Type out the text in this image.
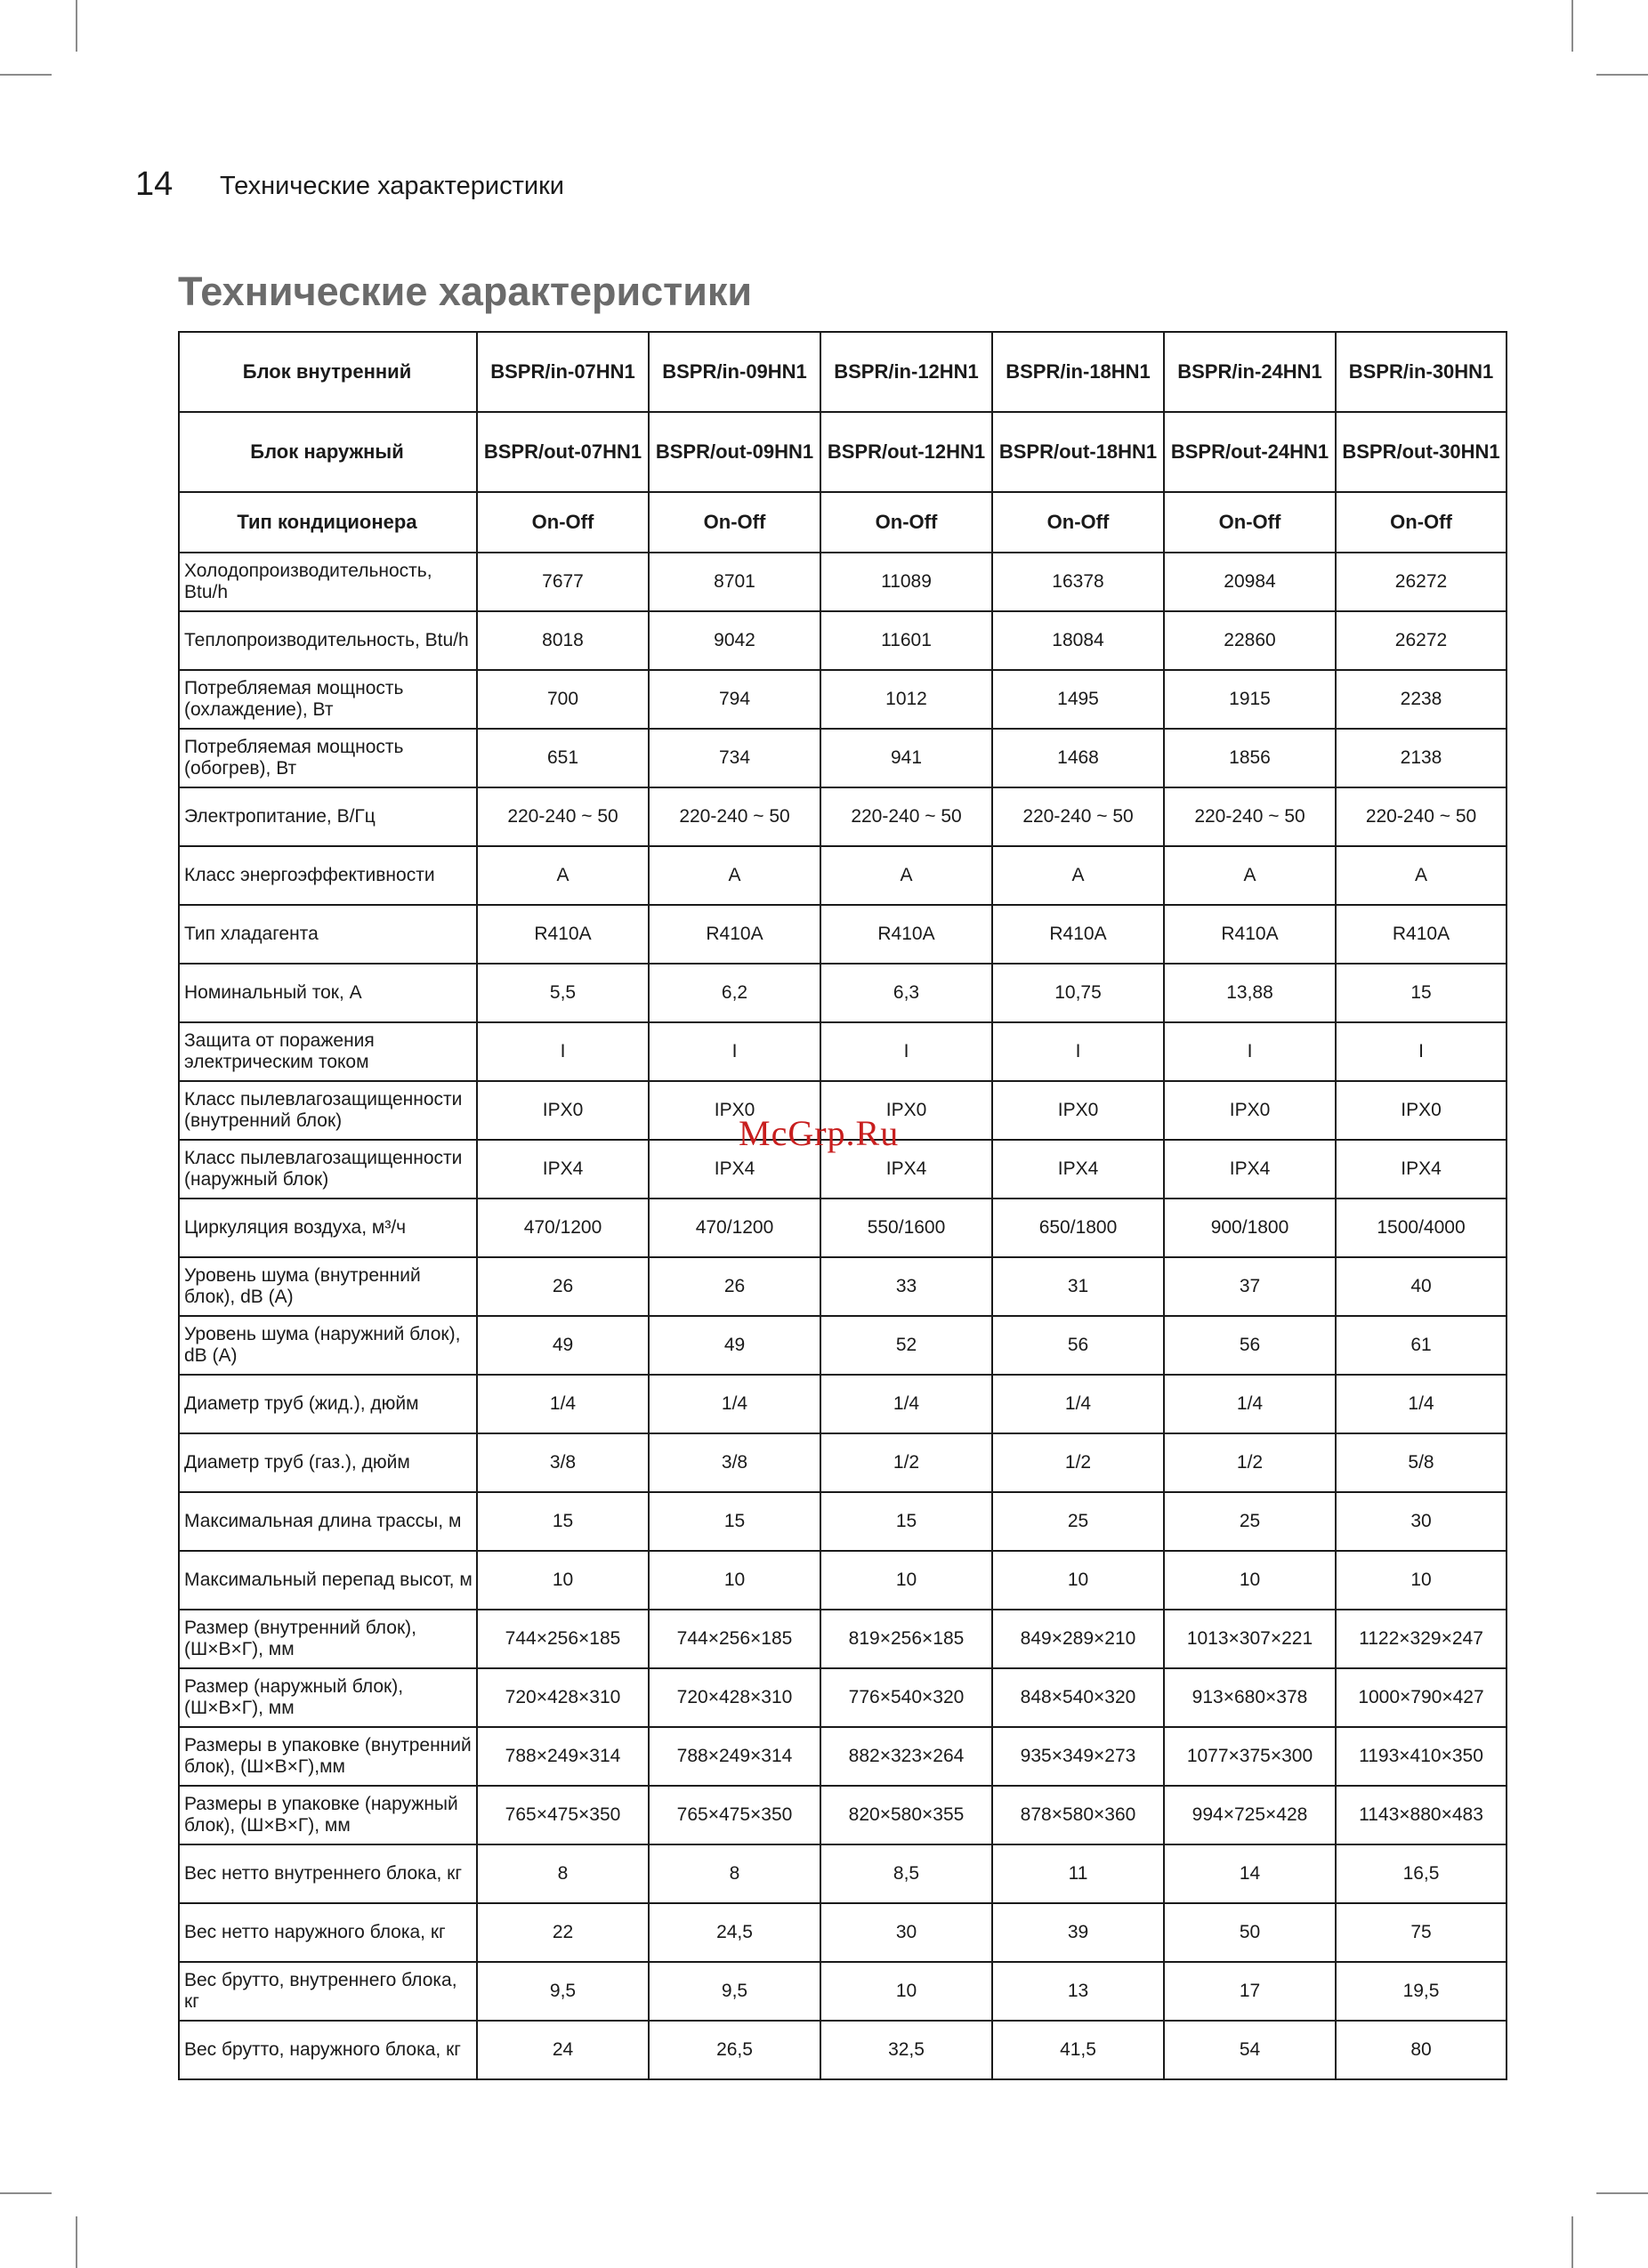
14 Технические характеристики
Технические характеристики
Блок внутренний	BSPR/in-07HN1	BSPR/in-09HN1	BSPR/in-12HN1	BSPR/in-18HN1	BSPR/in-24HN1	BSPR/in-30HN1
Блок наружный	BSPR/out-07HN1	BSPR/out-09HN1	BSPR/out-12HN1	BSPR/out-18HN1	BSPR/out-24HN1	BSPR/out-30HN1
Тип кондиционера	On-Off	On-Off	On-Off	On-Off	On-Off	On-Off
Холодопроизводительность, Btu/h	7677	8701	11089	16378	20984	26272
Теплопроизводительность, Btu/h	8018	9042	11601	18084	22860	26272
Потребляемая мощность (охлаждение), Вт	700	794	1012	1495	1915	2238
Потребляемая мощность (обогрев), Вт	651	734	941	1468	1856	2138
Электропитание, В/Гц	220-240 ~ 50	220-240 ~ 50	220-240 ~ 50	220-240 ~ 50	220-240 ~ 50	220-240 ~ 50
Класс энергоэффективности	A	A	A	A	A	A
Тип хладагента	R410A	R410A	R410A	R410A	R410A	R410A
Номинальный ток, А	5,5	6,2	6,3	10,75	13,88	15
Защита от поражения электрическим током	I	I	I	I	I	I
Класс пылевлагозащищенности (внутренний блок)	IPX0	IPX0	IPX0	IPX0	IPX0	IPX0
Класс пылевлагозащищенности (наружный блок)	IPX4	IPX4	IPX4	IPX4	IPX4	IPX4
Циркуляция воздуха, м³/ч	470/1200	470/1200	550/1600	650/1800	900/1800	1500/4000
Уровень шума (внутренний блок), dB (A)	26	26	33	31	37	40
Уровень шума (наружний блок), dB (A)	49	49	52	56	56	61
Диаметр труб (жид.), дюйм	1/4	1/4	1/4	1/4	1/4	1/4
Диаметр труб (газ.), дюйм	3/8	3/8	1/2	1/2	1/2	5/8
Максимальная длина трассы, м	15	15	15	25	25	30
Максимальный перепад высот, м	10	10	10	10	10	10
Размер (внутренний блок), (Ш×В×Г), мм	744×256×185	744×256×185	819×256×185	849×289×210	1013×307×221	1122×329×247
Размер (наружный блок), (Ш×В×Г), мм	720×428×310	720×428×310	776×540×320	848×540×320	913×680×378	1000×790×427
Размеры в упаковке (внутренний блок), (Ш×В×Г),мм	788×249×314	788×249×314	882×323×264	935×349×273	1077×375×300	1193×410×350
Размеры в упаковке (наружный блок), (Ш×В×Г), мм	765×475×350	765×475×350	820×580×355	878×580×360	994×725×428	1143×880×483
Вес нетто внутреннего блока, кг	8	8	8,5	11	14	16,5
Вес нетто наружного блока, кг	22	24,5	30	39	50	75
Вес брутто, внутреннего блока, кг	9,5	9,5	10	13	17	19,5
Вес брутто, наружного блока, кг	24	26,5	32,5	41,5	54	80
McGrp.Ru
